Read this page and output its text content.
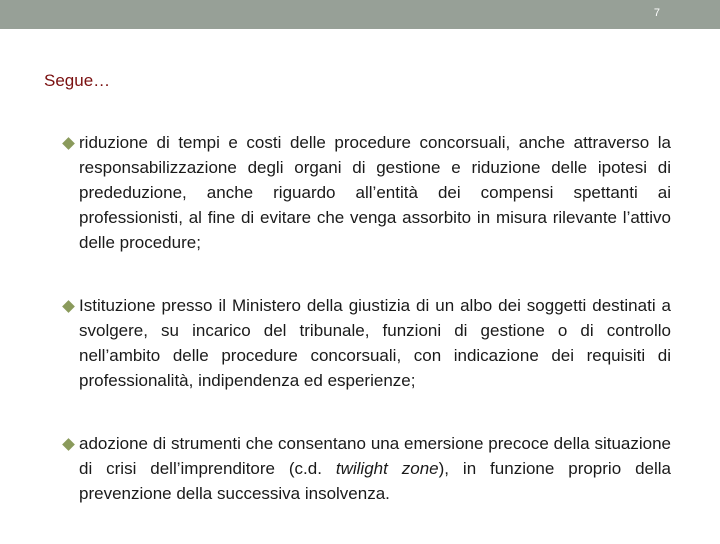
7
Segue…
riduzione di tempi e costi delle procedure concorsuali, anche attraverso la responsabilizzazione degli organi di gestione e riduzione delle ipotesi di prededuzione, anche riguardo all’entità dei compensi spettanti ai professionisti, al fine di evitare che venga assorbito in misura rilevante l’attivo delle procedure;
Istituzione presso il Ministero della giustizia di un albo dei soggetti destinati a svolgere, su incarico del tribunale, funzioni di gestione o di controllo nell’ambito delle procedure concorsuali, con indicazione dei requisiti di professionalità, indipendenza ed esperienze;
adozione di strumenti che consentano una emersione precoce della situazione di crisi dell’imprenditore (c.d. twilight zone), in funzione proprio della prevenzione della successiva insolvenza.
